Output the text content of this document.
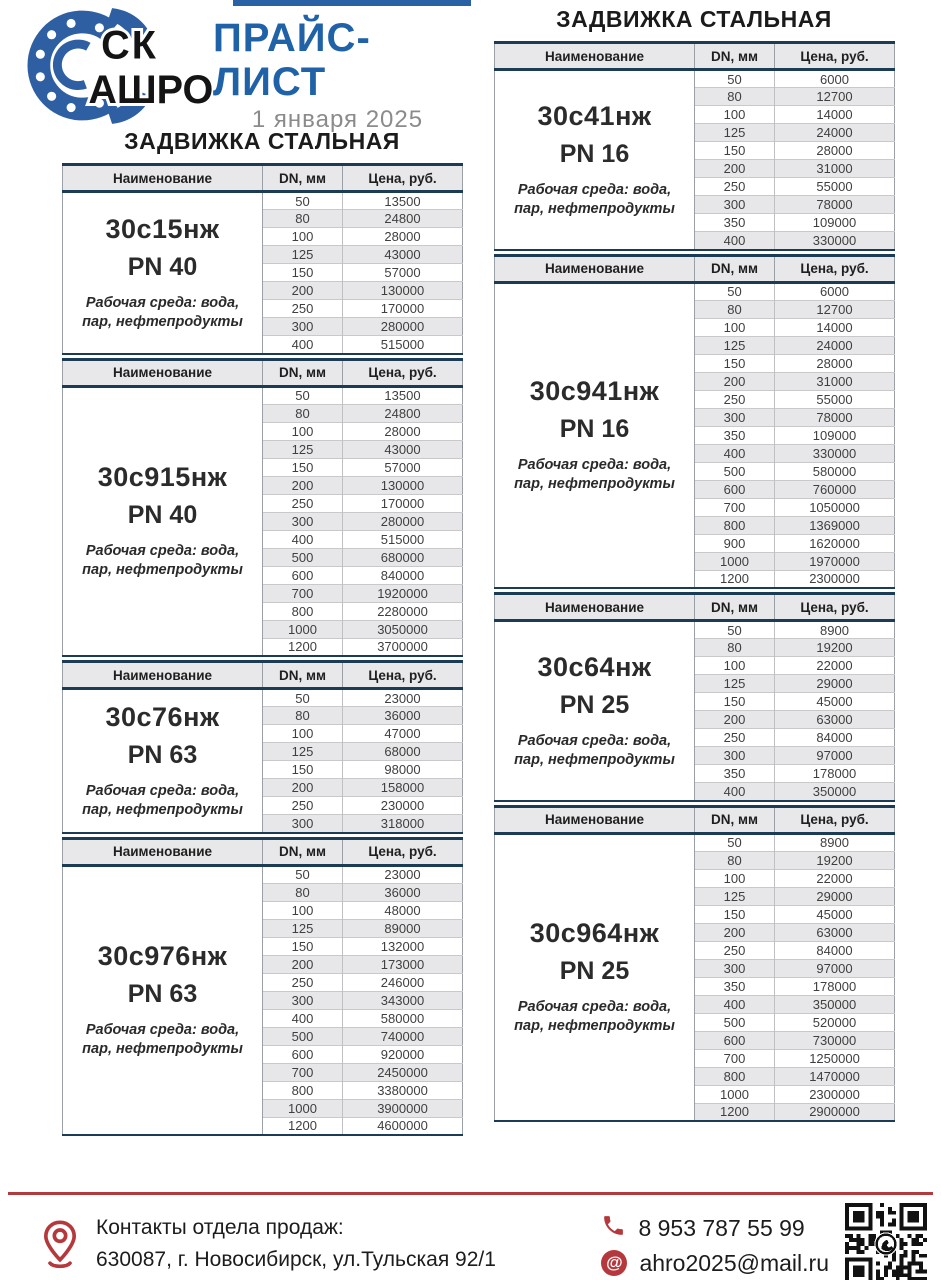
СК
АШРО
ПРАЙС-ЛИСТ
1 января 2025
ЗАДВИЖКА СТАЛЬНАЯ
Наименование	DN, мм	Цена, руб.

30с15нж
PN 40
Рабочая среда: вода, пар, нефтепродукты	50	13500
	80	24800
	100	28000
	125	43000
	150	57000
	200	130000
	250	170000
	300	280000
	400	515000
Наименование	DN, мм	Цена, руб.

30с915нж
PN 40
Рабочая среда: вода, пар, нефтепродукты	50	13500
	80	24800
	100	28000
	125	43000
	150	57000
	200	130000
	250	170000
	300	280000
	400	515000
	500	680000
	600	840000
	700	1920000
	800	2280000
	1000	3050000
	1200	3700000
Наименование	DN, мм	Цена, руб.

30с76нж
PN 63
Рабочая среда: вода, пар, нефтепродукты	50	23000
	80	36000
	100	47000
	125	68000
	150	98000
	200	158000
	250	230000
	300	318000
Наименование	DN, мм	Цена, руб.

30с976нж
PN 63
Рабочая среда: вода, пар, нефтепродукты	50	23000
	80	36000
	100	48000
	125	89000
	150	132000
	200	173000
	250	246000
	300	343000
	400	580000
	500	740000
	600	920000
	700	2450000
	800	3380000
	1000	3900000
	1200	4600000
ЗАДВИЖКА СТАЛЬНАЯ
Наименование	DN, мм	Цена, руб.

30с41нж
PN 16
Рабочая среда: вода, пар, нефтепродукты	50	6000
	80	12700
	100	14000
	125	24000
	150	28000
	200	31000
	250	55000
	300	78000
	350	109000
	400	330000
Наименование	DN, мм	Цена, руб.

30с941нж
PN 16
Рабочая среда: вода, пар, нефтепродукты	50	6000
	80	12700
	100	14000
	125	24000
	150	28000
	200	31000
	250	55000
	300	78000
	350	109000
	400	330000
	500	580000
	600	760000
	700	1050000
	800	1369000
	900	1620000
	1000	1970000
	1200	2300000
Наименование	DN, мм	Цена, руб.

30с64нж
PN 25
Рабочая среда: вода, пар, нефтепродукты	50	8900
	80	19200
	100	22000
	125	29000
	150	45000
	200	63000
	250	84000
	300	97000
	350	178000
	400	350000
Наименование	DN, мм	Цена, руб.

30с964нж
PN 25
Рабочая среда: вода, пар, нефтепродукты	50	8900
	80	19200
	100	22000
	125	29000
	150	45000
	200	63000
	250	84000
	300	97000
	350	178000
	400	350000
	500	520000
	600	730000
	700	1250000
	800	1470000
	1000	2300000
	1200	2900000
Контакты отдела продаж:
630087, г. Новосибирск, ул.Тульская 92/1
8 953 787 55 99
@ ahro2025@mail.ru
